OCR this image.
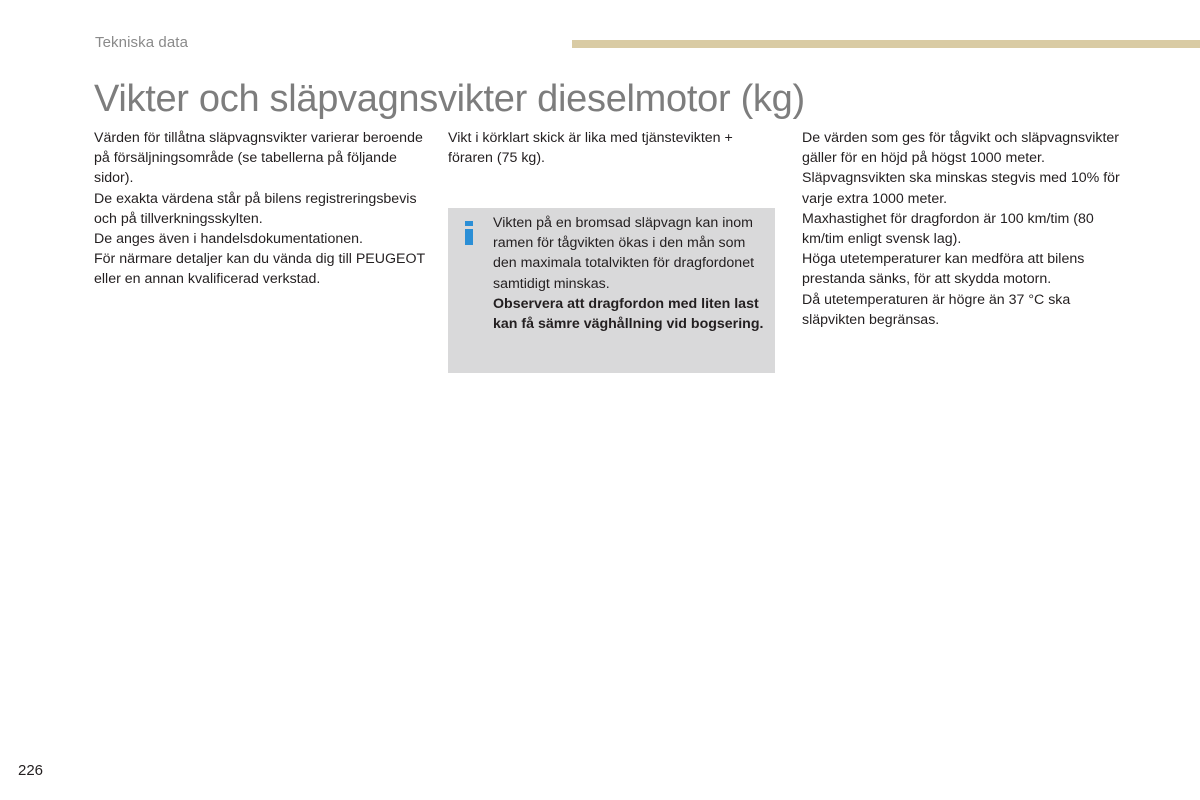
Tekniska data
Vikter och släpvagnsvikter dieselmotor (kg)

Värden för tillåtna släpvagnsvikter varierar beroende på försäljningsområde (se tabellerna på följande sidor).

De exakta värdena står på bilens registreringsbevis och på tillverkningsskylten.

De anges även i handelsdokumentationen.

För närmare detaljer kan du vända dig till PEUGEOT eller en annan kvalificerad verkstad.

Vikt i körklart skick är lika med tjänstevikten + föraren (75 kg).

Vikten på en bromsad släpvagn kan inom ramen för tågvikten ökas i den mån som den maximala totalvikten för dragfordonet samtidigt minskas.

Observera att dragfordon med liten last kan få sämre väghållning vid bogsering.

De värden som ges för tågvikt och släpvagnsvikter gäller för en höjd på högst 1000 meter. Släpvagnsvikten ska minskas stegvis med 10% för varje extra 1000 meter.

Maxhastighet för dragfordon är 100 km/tim (80 km/tim enligt svensk lag).

Höga utetemperaturer kan medföra att bilens prestanda sänks, för att skydda motorn.

Då utetemperaturen är högre än 37 °C ska släpvikten begränsas.

226
